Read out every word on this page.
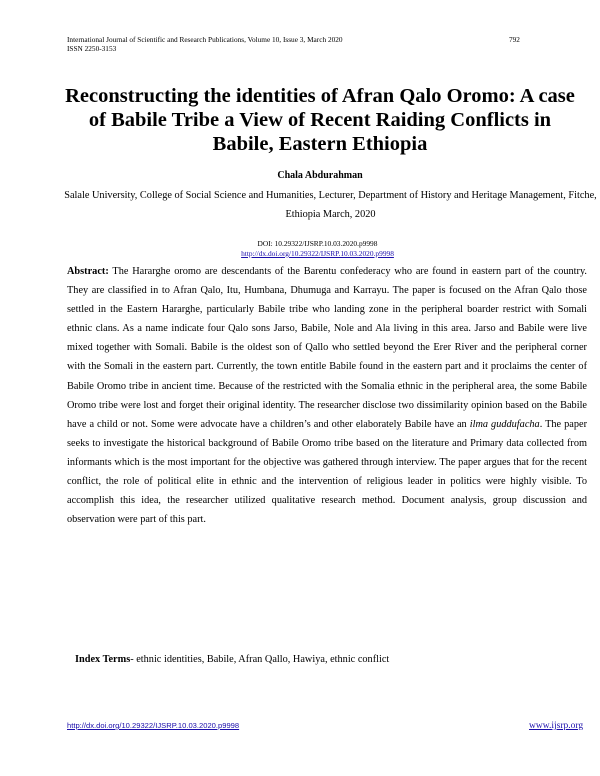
International Journal of Scientific and Research Publications, Volume 10, Issue 3, March 2020
ISSN 2250-3153
792
Reconstructing the identities of Afran Qalo Oromo: A case of Babile Tribe a View of Recent Raiding Conflicts in Babile, Eastern Ethiopia
Chala Abdurahman
Salale University, College of Social Science and Humanities, Lecturer, Department of History and Heritage Management, Fitche, Ethiopia March, 2020
DOI: 10.29322/IJSRP.10.03.2020.p9998
http://dx.doi.org/10.29322/IJSRP.10.03.2020.p9998

Abstract: The Hararghe oromo are descendants of the Barentu confederacy who are found in eastern part of the country. They are classified in to Afran Qalo, Itu, Humbana, Dhumuga and Karrayu. The paper is focused on the Afran Qalo those settled in the Eastern Hararghe, particularly Babile tribe who landing zone in the peripheral boarder restrict with Somali ethnic clans. As a name indicate four Qalo sons Jarso, Babile, Nole and Ala living in this area. Jarso and Babile were live mixed together with Somali. Babile is the oldest son of Qallo who settled beyond the Erer River and the peripheral corner with the Somali in the eastern part. Currently, the town entitle Babile found in the eastern part and it proclaims the center of Babile Oromo tribe in ancient time. Because of the restricted with the Somalia ethnic in the peripheral area, the some Babile Oromo tribe were lost and forget their original identity. The researcher disclose two dissimilarity opinion based on the Babile have a child or not. Some were advocate have a children’s and other elaborately Babile have an ilma guddufacha. The paper seeks to investigate the historical background of Babile Oromo tribe based on the literature and Primary data collected from informants which is the most important for the objective was gathered through interview. The paper argues that for the recent conflict, the role of political elite in ethnic and the intervention of religious leader in politics were highly visible. To accomplish this idea, the researcher utilized qualitative research method. Document analysis, group discussion and observation were part of this part.

Index Terms- ethnic identities, Babile, Afran Qallo, Hawiya, ethnic conflict
http://dx.doi.org/10.29322/IJSRP.10.03.2020.p9998	www.ijsrp.org
